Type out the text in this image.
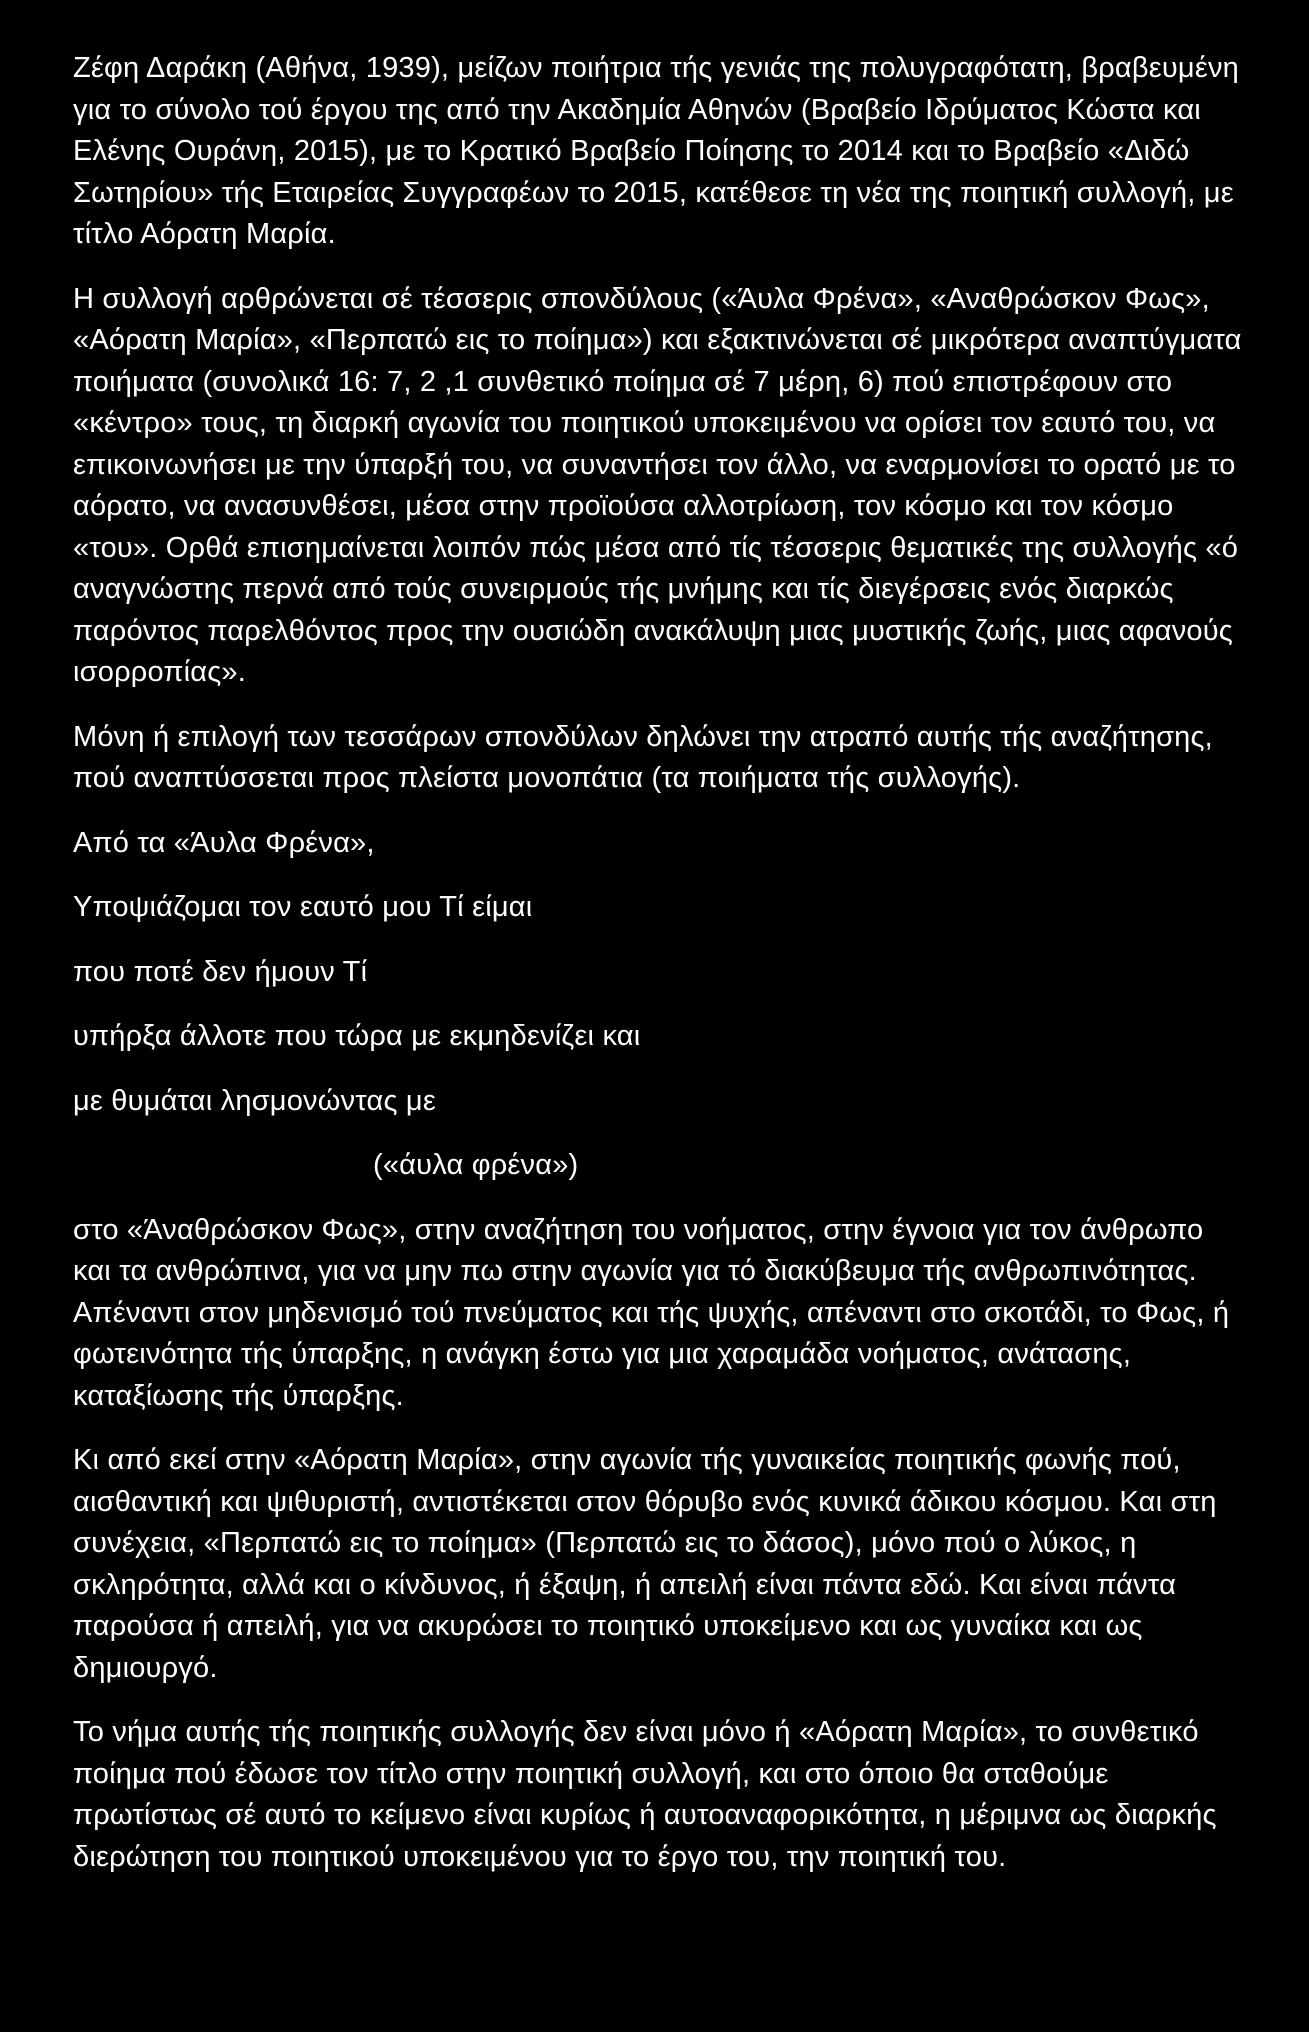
Ζέφη Δαράκη (Αθήνα, 1939), μείζων ποιήτρια τής γενιάς της πολυγραφότατη, βραβευμένη για το σύνολο τού έργου της από την Ακαδημία Αθηνών (Βραβείο Ιδρύματος Κώστα και Ελένης Ουράνη, 2015), με το Κρατικό Βραβείο Ποίησης το 2014 και το Βραβείο «Διδώ Σωτηρίου» τής Εταιρείας Συγγραφέων το 2015, κατέθεσε τη νέα της ποιητική συλλογή, με τίτλο Αόρατη Μαρία.

Η συλλογή αρθρώνεται σέ τέσσερις σπονδύλους («Άυλα Φρένα», «Αναθρώσκον Φως», «Αόρατη Μαρία», «Περπατώ εις το ποίημα») και εξακτινώνεται σέ μικρότερα αναπτύγματα ποιήματα (συνολικά 16: 7, 2 ,1 συνθετικό ποίημα σέ 7 μέρη, 6) πού επιστρέφουν στο «κέντρο» τους, τη διαρκή αγωνία του ποιητικού υποκειμένου να ορίσει τον εαυτό του, να επικοινωνήσει με την ύπαρξή του, να συναντήσει τον άλλο, να εναρμονίσει το ορατό με το αόρατο, να ανασυνθέσει, μέσα στην προϊούσα αλλοτρίωση, τον κόσμο και τον κόσμο «του». Ορθά επισημαίνεται λοιπόν πώς μέσα από τίς τέσσερις θεματικές της συλλογής «ό αναγνώστης περνά από τούς συνειρμούς τής μνήμης και τίς διεγέρσεις ενός διαρκώς παρόντος παρελθόντος προς την ουσιώδη ανακάλυψη μιας μυστικής ζωής, μιας αφανούς ισορροπίας».

Μόνη ή επιλογή των τεσσάρων σπονδύλων δηλώνει την ατραπό αυτής τής αναζήτησης, πού αναπτύσσεται προς πλείστα μονοπάτια (τα ποιήματα τής συλλογής).

Από τα «Άυλα Φρένα»,

Υποψιάζομαι τον εαυτό μου Τί είμαι

που ποτέ δεν ήμουν Τί

υπήρξα άλλοτε που τώρα με εκμηδενίζει και

με θυμάται λησμονώντας με

(«άυλα φρένα»)

στο «Άναθρώσκον Φως», στην αναζήτηση του νοήματος, στην έγνοια για τον άνθρωπο και τα ανθρώπινα, για να μην πω στην αγωνία για τό διακύβευμα τής ανθρωπινότητας. Απέναντι στον μηδενισμό τού πνεύματος και τής ψυχής, απέναντι στο σκοτάδι, το Φως, ή φωτεινότητα τής ύπαρξης, η ανάγκη έστω για μια χαραμάδα νοήματος, ανάτασης, καταξίωσης τής ύπαρξης.

Κι από εκεί στην «Αόρατη Μαρία», στην αγωνία τής γυναικείας ποιητικής φωνής πού, αισθαντική και ψιθυριστή, αντιστέκεται στον θόρυβο ενός κυνικά άδικου κόσμου. Και στη συνέχεια, «Περπατώ εις το ποίημα» (Περπατώ εις το δάσος), μόνο πού ο λύκος, η σκληρότητα, αλλά και ο κίνδυνος, ή έξαψη, ή απειλή είναι πάντα εδώ. Και είναι πάντα παρούσα ή απειλή, για να ακυρώσει το ποιητικό υποκείμενο και ως γυναίκα και ως δημιουργό.

Το νήμα αυτής τής ποιητικής συλλογής δεν είναι μόνο ή «Αόρατη Μαρία», το συνθετικό ποίημα πού έδωσε τον τίτλο στην ποιητική συλλογή, και στο όποιο θα σταθούμε πρωτίστως σέ αυτό το κείμενο είναι κυρίως ή αυτοαναφορικότητα, η μέριμνα ως διαρκής διερώτηση του ποιητικού υποκειμένου για το έργο του, την ποιητική του.
